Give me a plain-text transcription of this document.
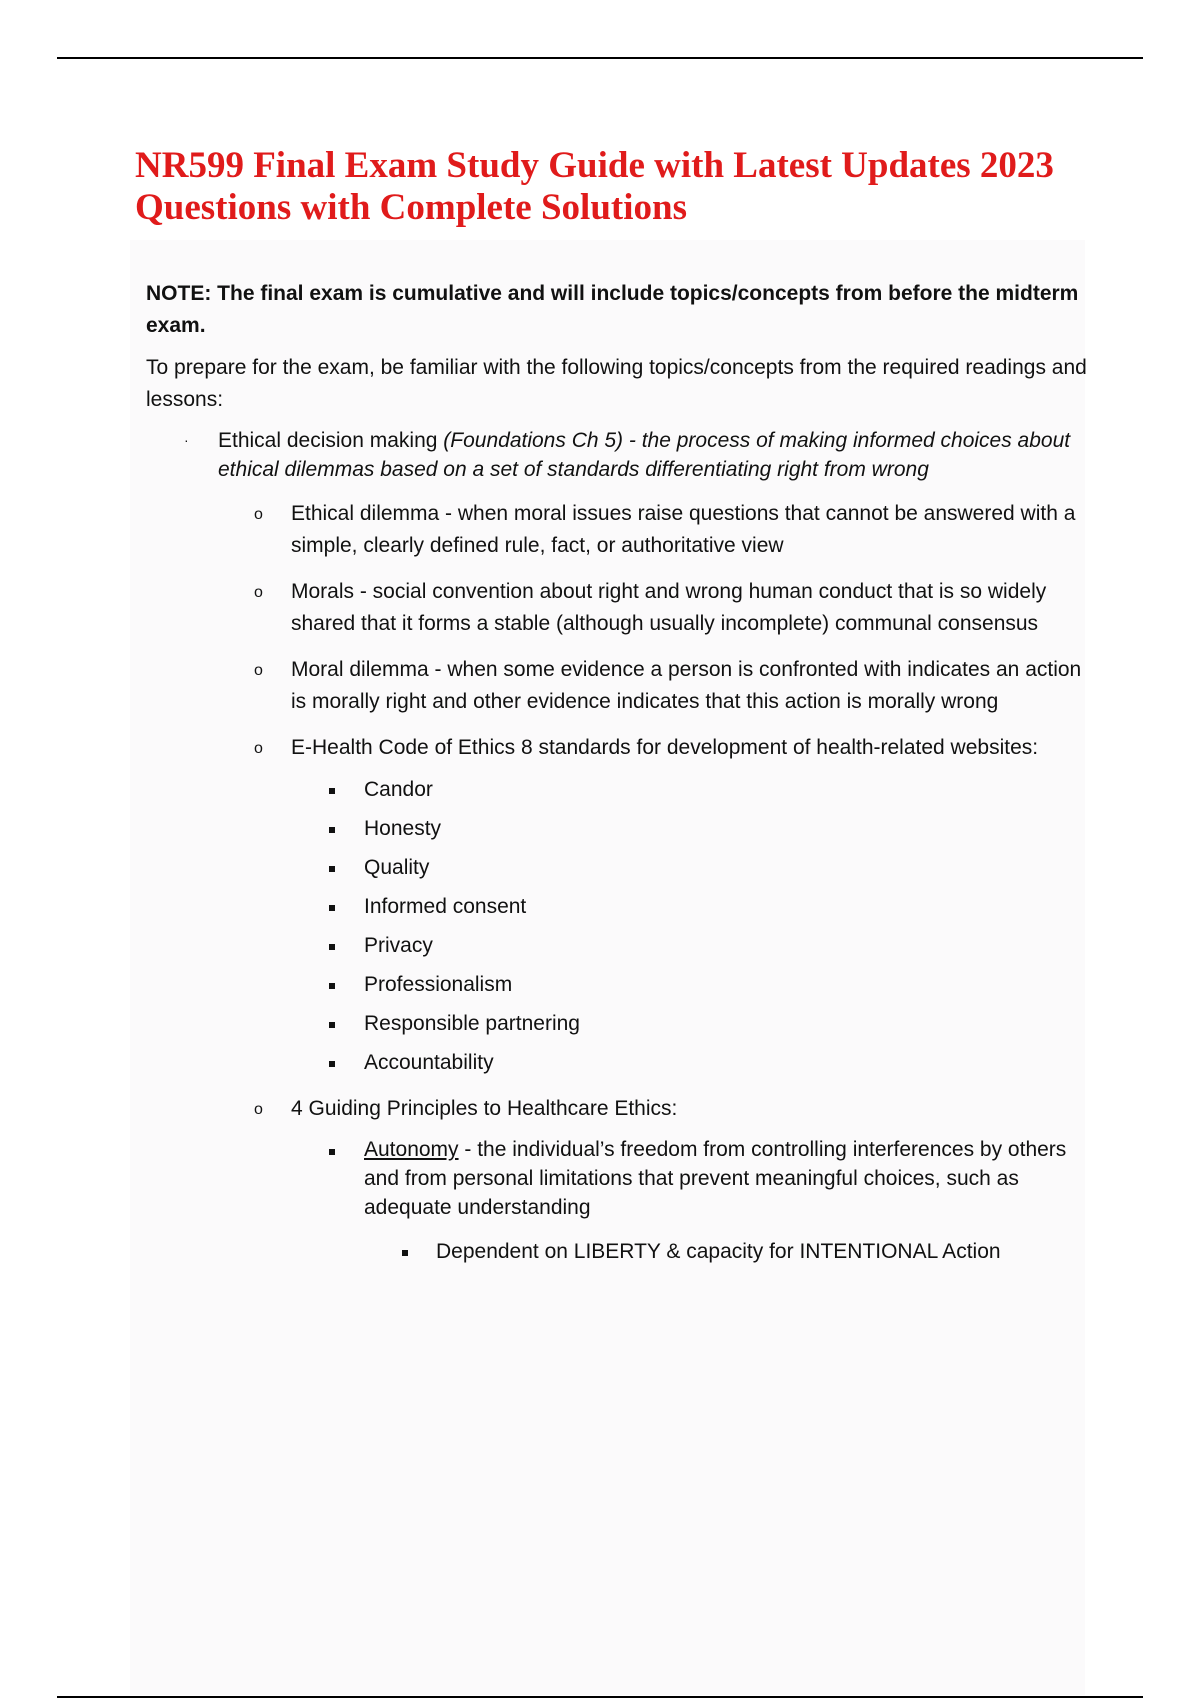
NR599 Final Exam Study Guide with Latest Updates 2023
Questions with Complete Solutions

NOTE: The final exam is cumulative and will include topics/concepts from before the midterm exam.

To prepare for the exam, be familiar with the following topics/concepts from the required readings and lessons:

· Ethical decision making (Foundations Ch 5) - the process of making informed choices about ethical dilemmas based on a set of standards differentiating right from wrong
o Ethical dilemma - when moral issues raise questions that cannot be answered with a simple, clearly defined rule, fact, or authoritative view
o Morals - social convention about right and wrong human conduct that is so widely shared that it forms a stable (although usually incomplete) communal consensus
o Moral dilemma - when some evidence a person is confronted with indicates an action is morally right and other evidence indicates that this action is morally wrong
o E-Health Code of Ethics 8 standards for development of health-related websites:
Candor
Honesty
Quality
Informed consent
Privacy
Professionalism
Responsible partnering
Accountability
o 4 Guiding Principles to Healthcare Ethics:
Autonomy - the individual’s freedom from controlling interferences by others and from personal limitations that prevent meaningful choices, such as adequate understanding
Dependent on LIBERTY & capacity for INTENTIONAL Action
